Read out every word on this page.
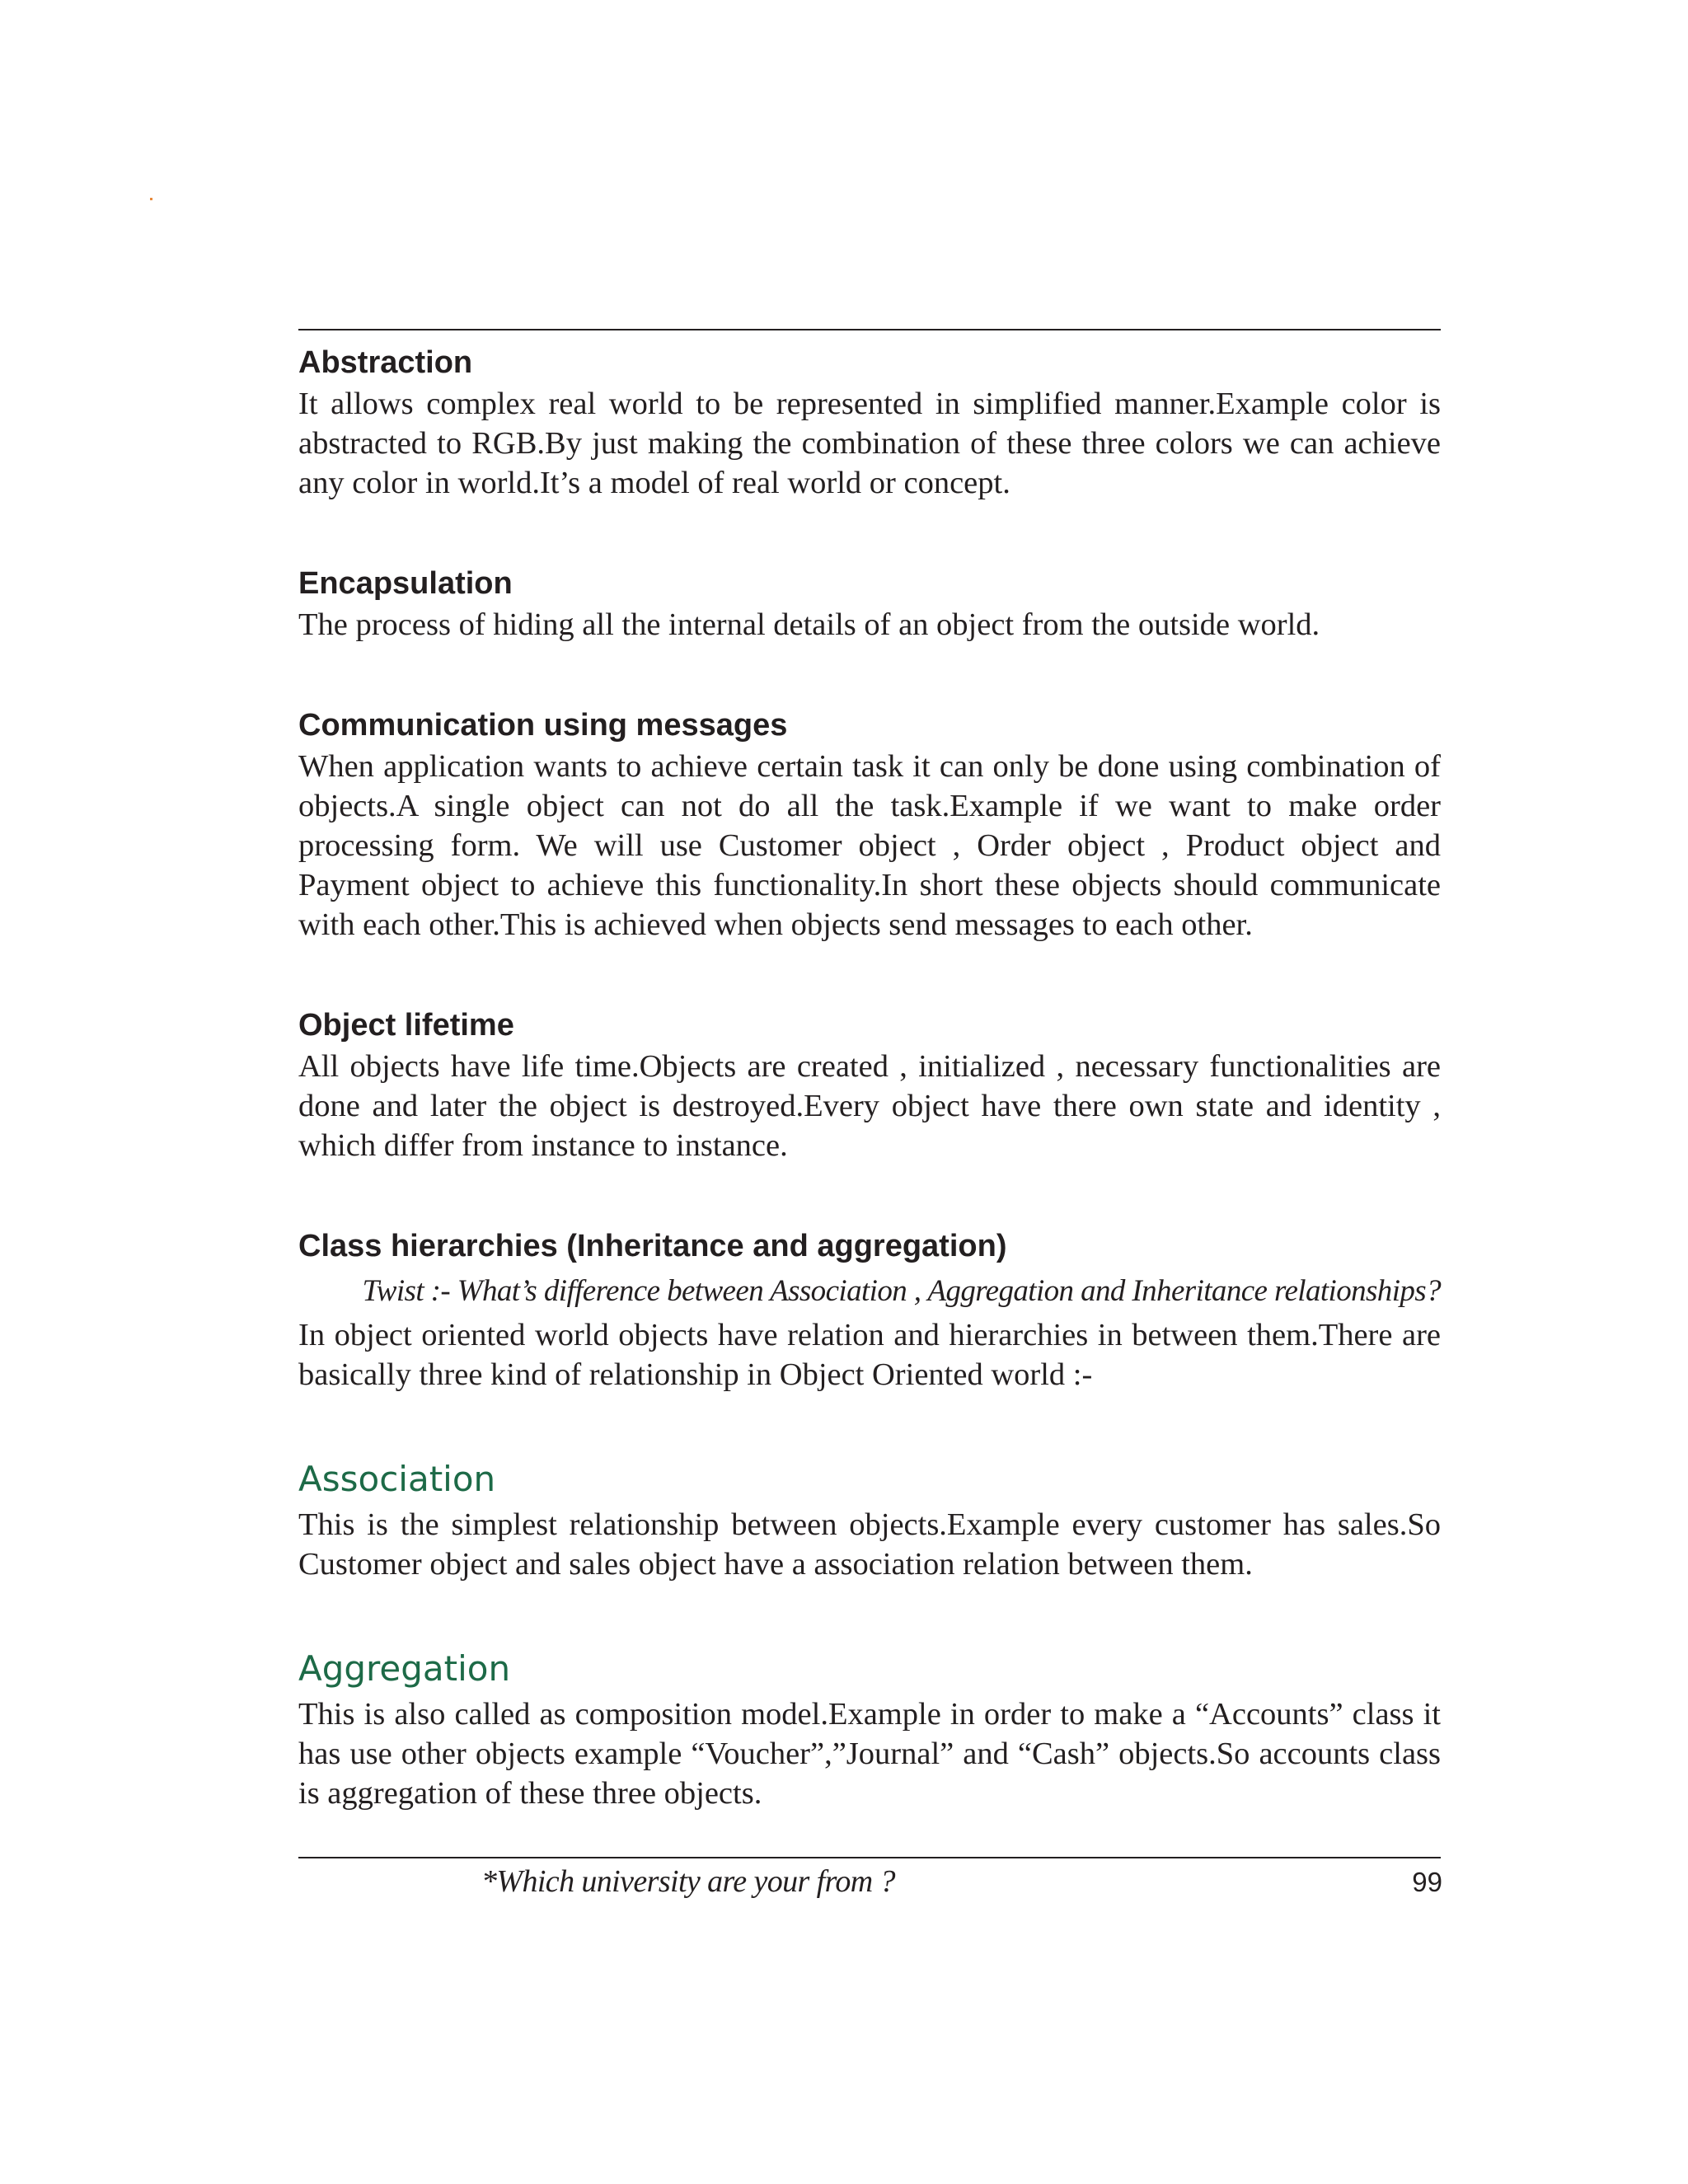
Abstraction

It allows complex real world to be represented in simplified manner.Example color is abstracted to RGB.By just making the combination of these three colors we can achieve any color in world.It’s a model of real world or concept.

Encapsulation

The process of hiding all the internal details of an object from the outside world.

Communication using messages

When application wants to achieve certain task it can only be done using combination of objects.A single object can not do all the task.Example if we want to make order processing form. We will use Customer object , Order object , Product object and Payment object to achieve this functionality.In short these objects should communicate with each other.This is achieved when objects send messages to each other.

Object lifetime

All objects have life time.Objects are created , initialized , necessary functionalities are done and later the object is destroyed.Every object have there own state and identity , which differ from instance to instance.

Class hierarchies (Inheritance and aggregation)

Twist :- What’s difference between Association , Aggregation and Inheritance relationships?

In object oriented world objects have relation and hierarchies in between them.There are basically three kind of relationship in Object Oriented world :-

Association

This is the simplest relationship between objects.Example every customer has sales.So Customer object and sales object have a association relation between them.

Aggregation

This is also called as composition model.Example in order to make a “Accounts” class it has use other objects example “Voucher”,”Journal” and “Cash” objects.So accounts class is aggregation of these three objects.

*Which university are your from ?	99
